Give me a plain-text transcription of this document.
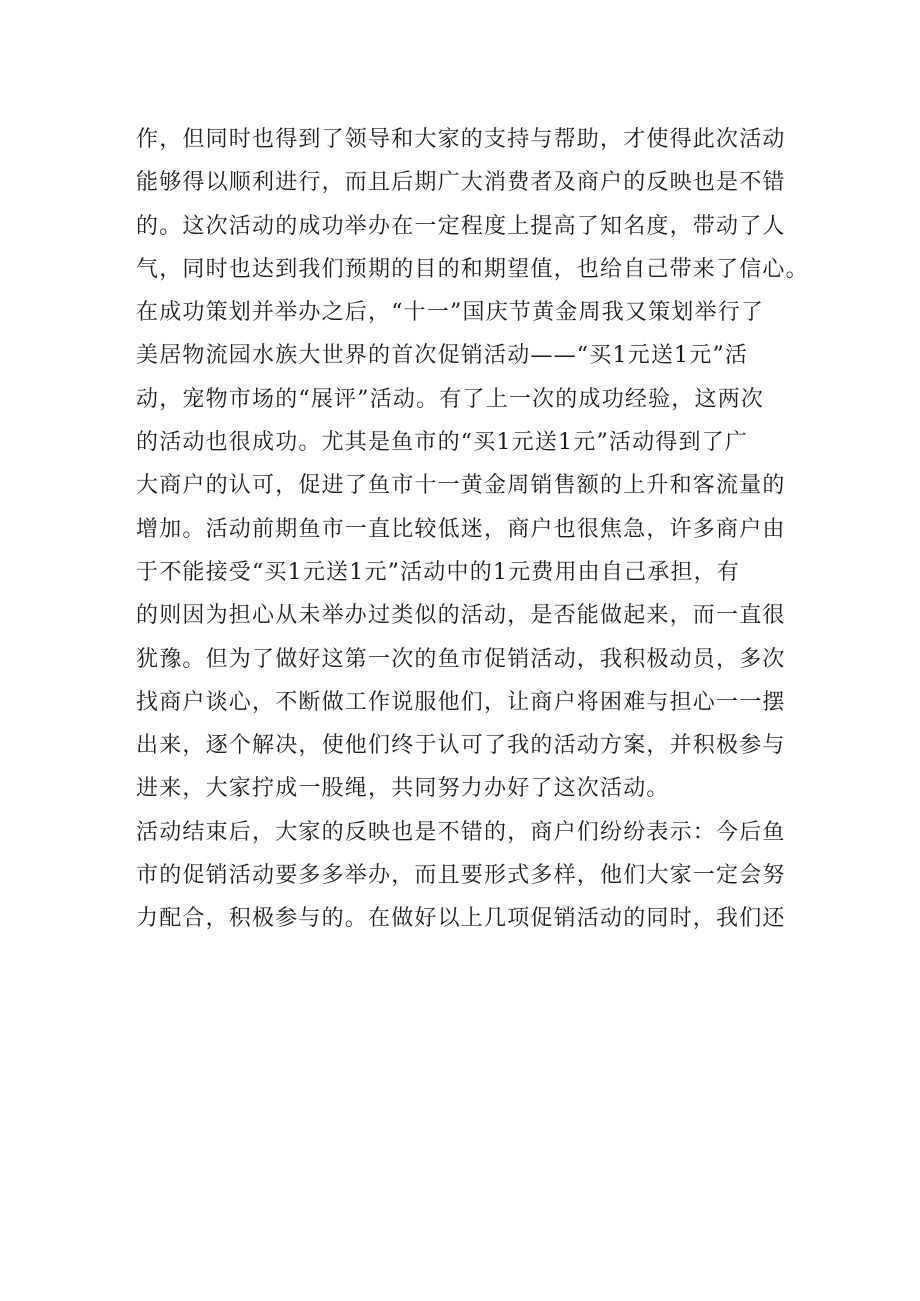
作，但同时也得到了领导和大家的支持与帮助，才使得此次活动
能够得以顺利进行，而且后期广大消费者及商户的反映也是不错
的。这次活动的成功举办在一定程度上提高了知名度，带动了人
气，同时也达到我们预期的目的和期望值，也给自己带来了信心。
在成功策划并举办之后，“十一”国庆节黄金周我又策划举行了
美居物流园水族大世界的首次促销活动——“买1元送1元”活
动，宠物市场的“展评”活动。有了上一次的成功经验，这两次
的活动也很成功。尤其是鱼市的“买1元送1元”活动得到了广
大商户的认可，促进了鱼市十一黄金周销售额的上升和客流量的
增加。活动前期鱼市一直比较低迷，商户也很焦急，许多商户由
于不能接受“买1元送1元”活动中的1元费用由自己承担，有
的则因为担心从未举办过类似的活动，是否能做起来，而一直很
犹豫。但为了做好这第一次的鱼市促销活动，我积极动员，多次
找商户谈心，不断做工作说服他们，让商户将困难与担心一一摆
出来，逐个解决，使他们终于认可了我的活动方案，并积极参与
进来，大家拧成一股绳，共同努力办好了这次活动。
活动结束后，大家的反映也是不错的，商户们纷纷表示：今后鱼
市的促销活动要多多举办，而且要形式多样，他们大家一定会努
力配合，积极参与的。在做好以上几项促销活动的同时，我们还
